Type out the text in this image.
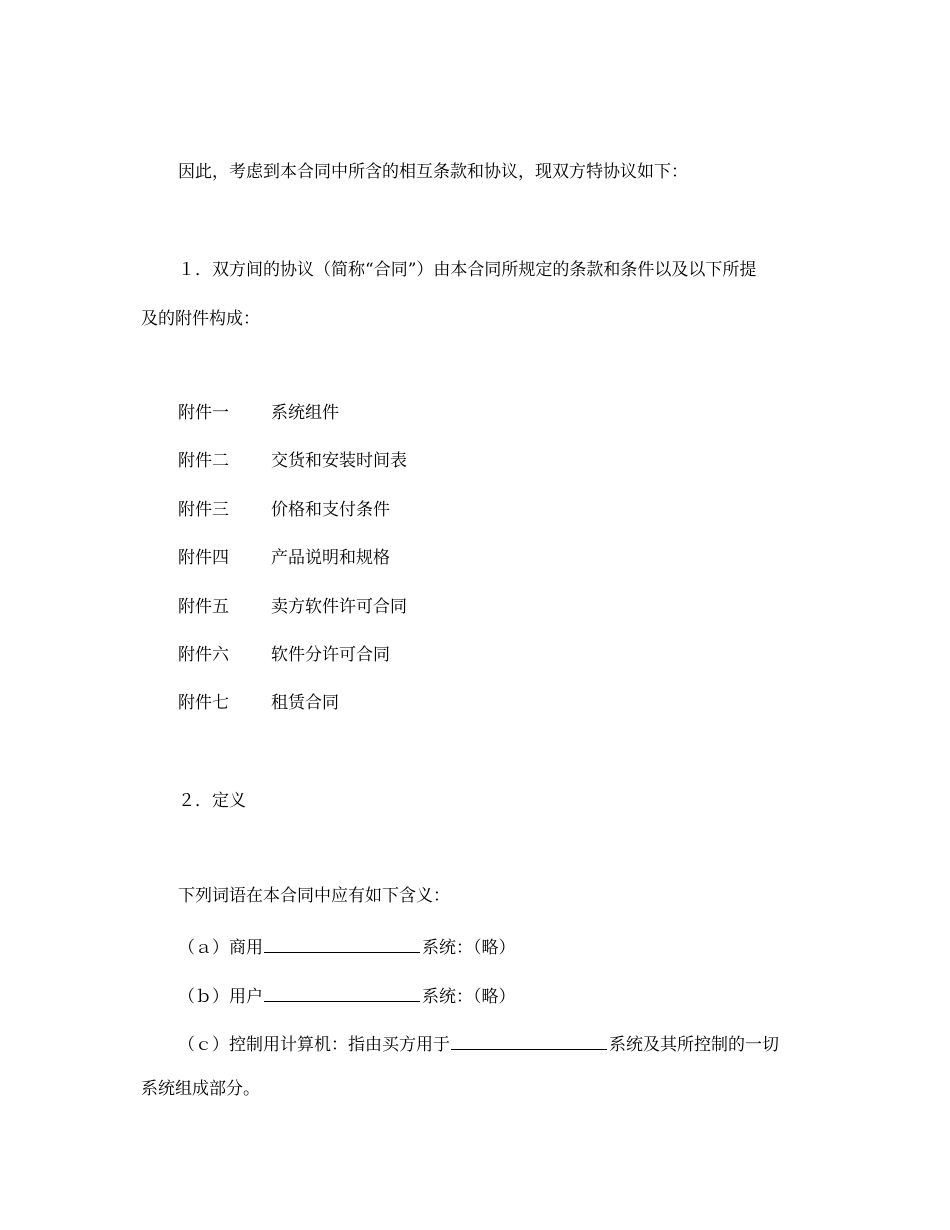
因此，考虑到本合同中所含的相互条款和协议，现双方特协议如下：
１．双方间的协议（简称“合同”）由本合同所规定的条款和条件以及以下所提
及的附件构成：
附件一 系统组件
附件二 交货和安装时间表
附件三 价格和支付条件
附件四 产品说明和规格
附件五 卖方软件许可合同
附件六 软件分许可合同
附件七 租赁合同
２．定义
下列词语在本合同中应有如下含义：
（ａ）商用	系统：（略）
（ｂ）用户	系统：（略）
（ｃ）控制用计算机：指由买方用于	系统及其所控制的一切
系统组成部分。
